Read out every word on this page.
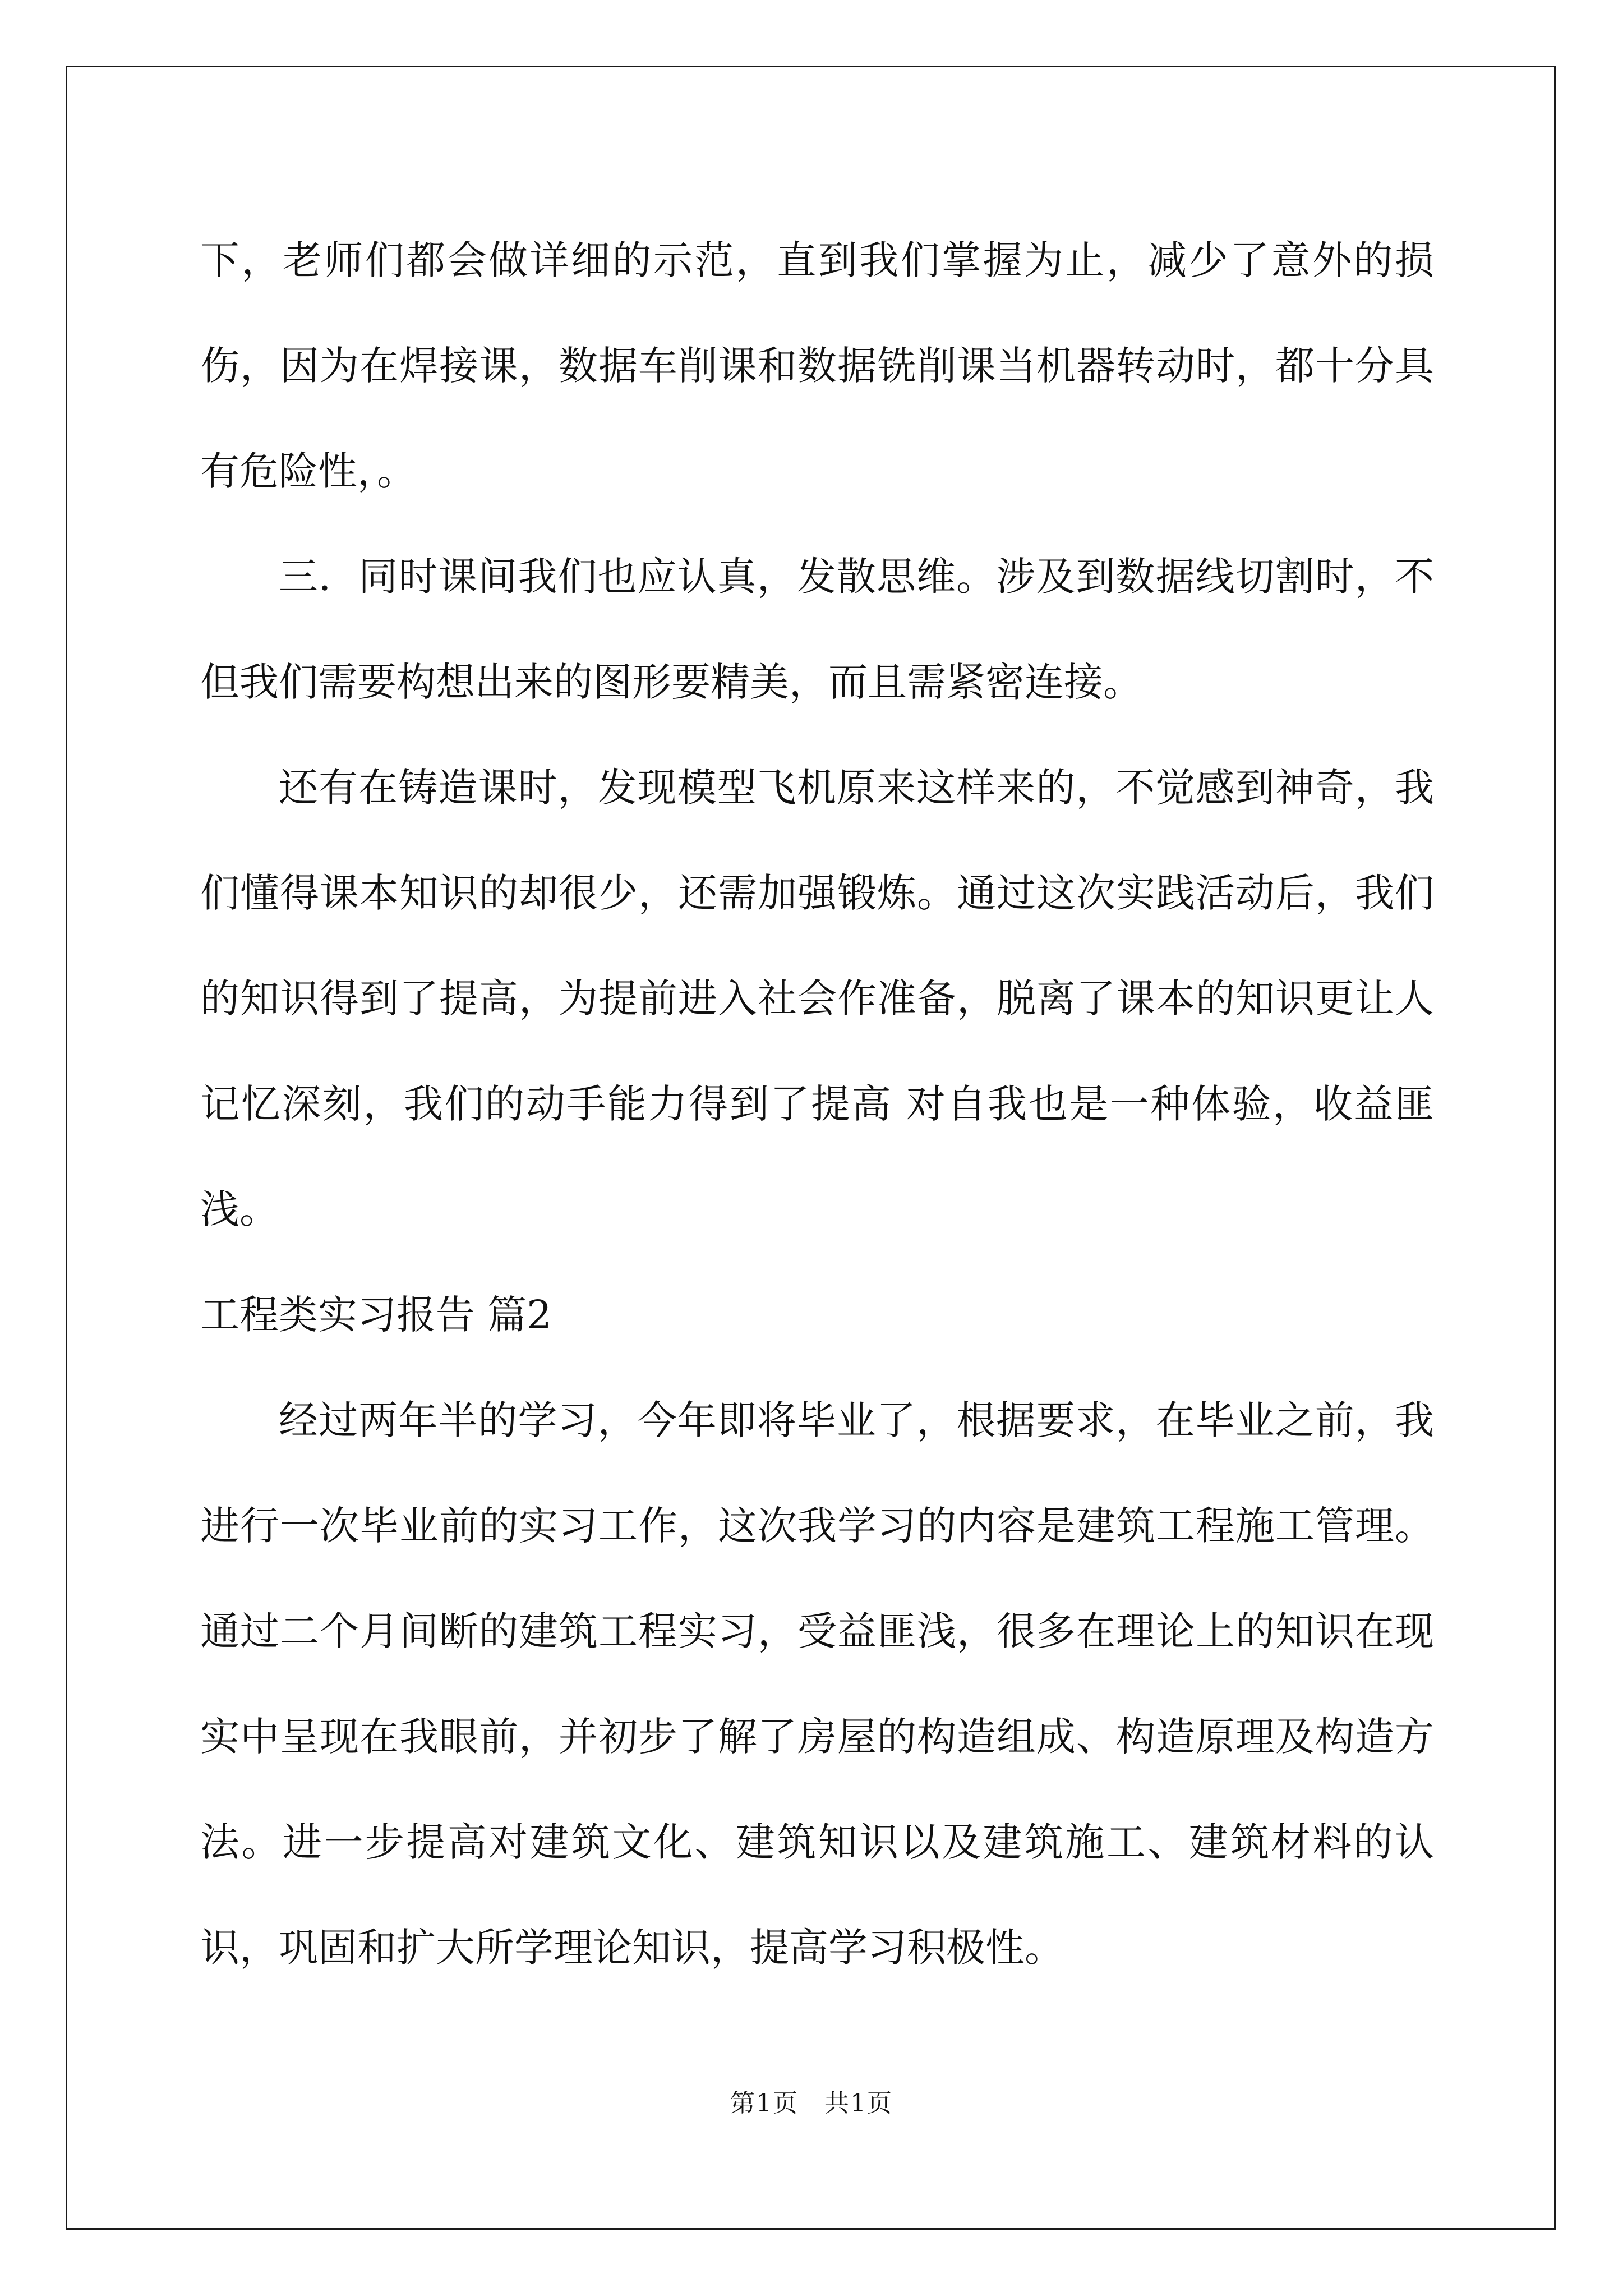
下，老师们都会做详细的示范，直到我们掌握为止，减少了意外的损伤，因为在焊接课，数据车削课和数据铣削课当机器转动时，都十分具有危险性，。

三．同时课间我们也应认真，发散思维。涉及到数据线切割时，不但我们需要构想出来的图形要精美，而且需紧密连接。

还有在铸造课时，发现模型飞机原来这样来的，不觉感到神奇，我们懂得课本知识的却很少，还需加强锻炼。通过这次实践活动后，我们的知识得到了提高，为提前进入社会作准备，脱离了课本的知识更让人记忆深刻，我们的动手能力得到了提高 对自我也是一种体验，收益匪浅。

工程类实习报告 篇2

经过两年半的学习，今年即将毕业了，根据要求，在毕业之前，我进行一次毕业前的实习工作，这次我学习的内容是建筑工程施工管理。通过二个月间断的建筑工程实习，受益匪浅，很多在理论上的知识在现实中呈现在我眼前，并初步了解了房屋的构造组成、构造原理及构造方法。进一步提高对建筑文化、建筑知识以及建筑施工、建筑材料的认识，巩固和扩大所学理论知识，提高学习积极性。

第1页　共1页
